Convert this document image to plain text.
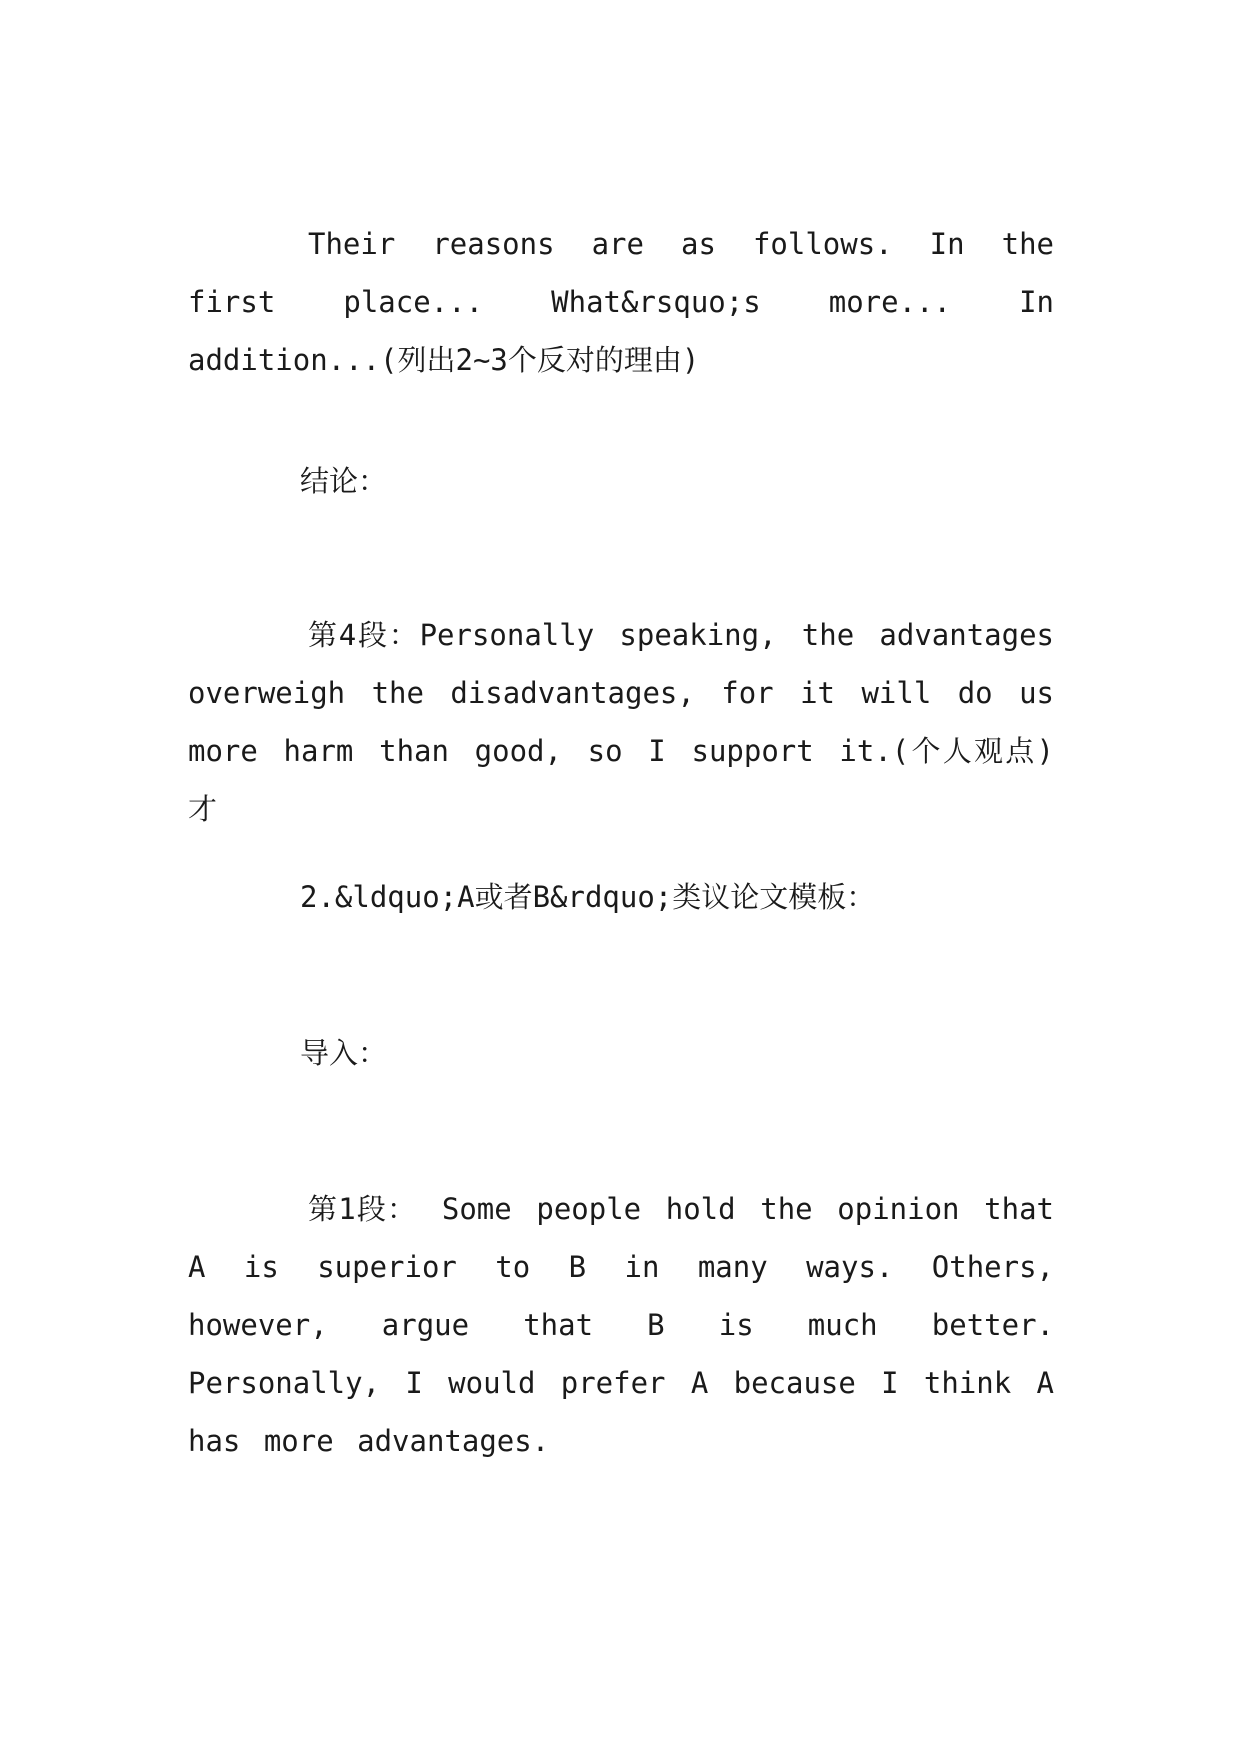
Their reasons are as follows. In the first place... What&rsquo;s more... In addition...(列出2~3个反对的理由)

结论：

第4段：Personally speaking, the advantages overweigh the disadvantages, for it will do us more harm than good, so I support it.(个人观点)才

2.&ldquo;A或者B&rdquo;类议论文模板：

导入：

第1段： Some people hold the opinion that A is superior to B in many ways. Others, however, argue that B is much better. Personally, I would prefer A because I think A has more advantages.
